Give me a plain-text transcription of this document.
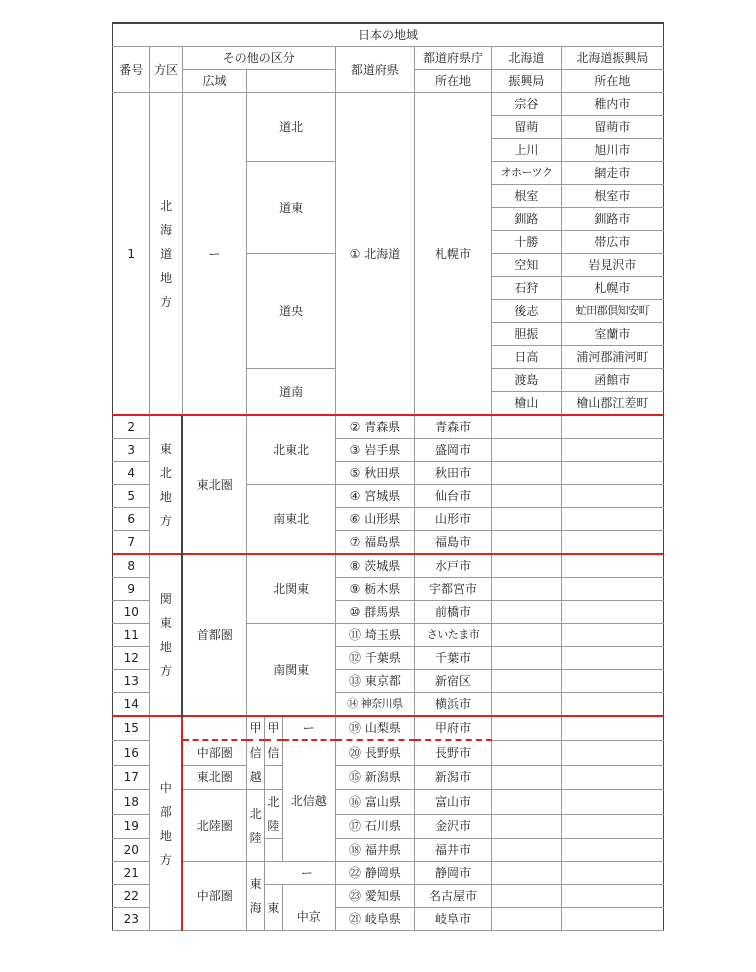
日本の地域									
番号	方区	その他の区分				都道府県	都道府県庁	北海道	北海道振興局
		広域					所在地	振興局	所在地
1	北海道地方	ー	道北			① 北海道	札幌市	宗谷	稚内市
								留萌	留萌市
								上川	旭川市
			道東					オホーツク	網走市
								根室	根室市
								釧路	釧路市
								十勝	帯広市
			道央					空知	岩見沢市
								石狩	札幌市
								後志	虻田郡倶知安町
								胆振	室蘭市
								日高	浦河郡浦河町
			道南					渡島	函館市
								檜山	檜山郡江差町
2	東北地方	東北圏	北東北			② 青森県	青森市		
3						③ 岩手県	盛岡市		
4						⑤ 秋田県	秋田市		
5			南東北			④ 宮城県	仙台市		
6						⑥ 山形県	山形市		
7						⑦ 福島県	福島市		
8	関東地方	首都圏	北関東			⑧ 茨城県	水戸市		
9						⑨ 栃木県	宇都宮市		
10						⑩ 群馬県	前橋市		
11			南関東			⑪ 埼玉県	さいたま市		
12						⑫ 千葉県	千葉市		
13						⑬ 東京都	新宿区		
14						⑭ 神奈川県	横浜市		
15	中部地方		甲	甲	ー	⑲ 山梨県	甲府市		
16		中部圏	信越	信	北信越	⑳ 長野県	長野市		
17		東北圏				⑮ 新潟県	新潟市		
18		北陸圏	北陸	北陸		⑯ 富山県	富山市		
19						⑰ 石川県	金沢市		
20						⑱ 福井県	福井市		
21		中部圏	東海	ー		㉒ 静岡県	静岡市		
22				東	中京	㉓ 愛知県	名古屋市		
23						㉑ 岐阜県	岐阜市		
